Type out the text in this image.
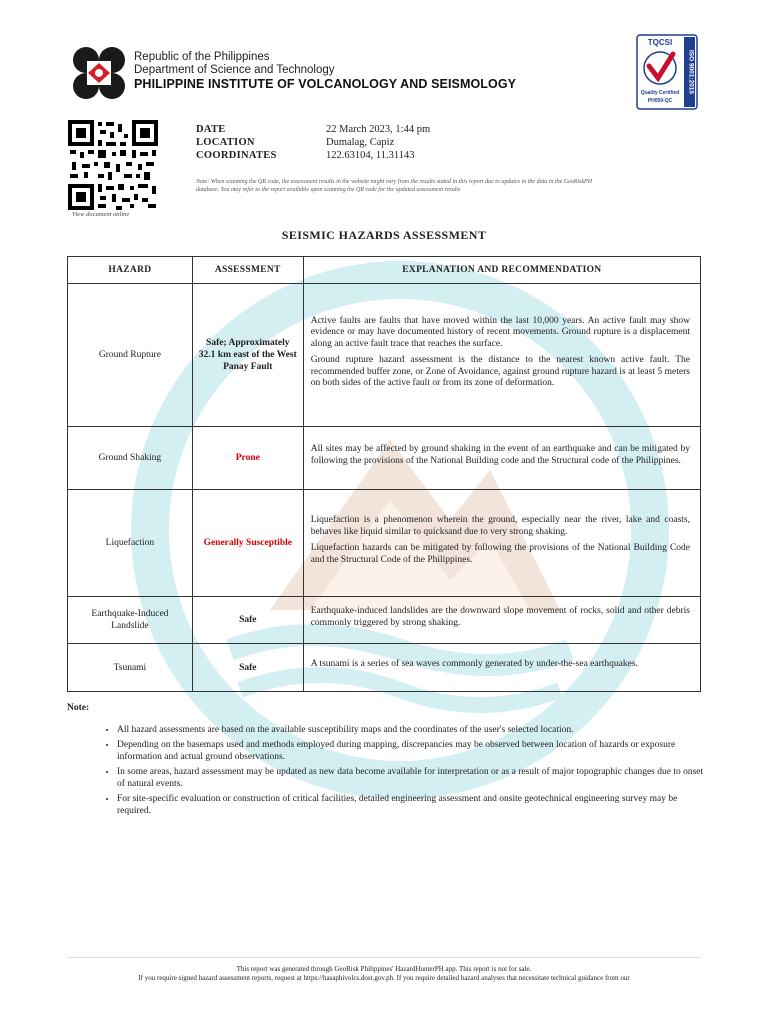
Republic of the Philippines
Department of Science and Technology
PHILIPPINE INSTITUTE OF VOLCANOLOGY AND SEISMOLOGY	ISO 9001:2015
TQCSI
Quality Certified
PH059-QC
View document online
DATE	22 March 2023, 1:44 pm
LOCATION	Dumalag, Capiz
COORDINATES	122.63104, 11.31143
Note: When scanning the QR code, the assessment results in the website might vary from the results stated in this report due to updates in the data in the GeoRiskPH database. You may refer to the report available upon scanning the QR code for the updated assessment results
SEISMIC HAZARDS ASSESSMENT
HAZARD	ASSESSMENT	EXPLANATION AND RECOMMENDATION
Ground Rupture	Safe; Approximately 32.1 km east of the West Panay Fault	Active faults are faults that have moved within the last 10,000 years. An active fault may show evidence or may have documented history of recent movements. Ground rupture is a displacement along an active fault trace that reaches the surface.

Ground rupture hazard assessment is the distance to the nearest known active fault. The recommended buffer zone, or Zone of Avoidance, against ground rupture hazard is at least 5 meters on both sides of the active fault or from its zone of deformation.

Ground Shaking	Prone	All sites may be affected by ground shaking in the event of an earthquake and can be mitigated by following the provisions of the National Building code and the Structural code of the Philippines.

Liquefaction	Generally Susceptible	Liquefaction is a phenomenon wherein the ground, especially near the river, lake and coasts, behaves like liquid similar to quicksand due to very strong shaking.

Liquefaction hazards can be mitigated by following the provisions of the National Building Code and the Structural Code of the Philippines.

Earthquake-Induced Landslide	Safe	Earthquake-induced landslides are the downward slope movement of rocks, solid and other debris commonly triggered by strong shaking.

Tsunami	Safe	A tsunami is a series of sea waves commonly generated by under-the-sea earthquakes.

Note:
• All hazard assessments are based on the available susceptibility maps and the coordinates of the user's selected location.
• Depending on the basemaps used and methods employed during mapping, discrepancies may be observed between location of hazards or exposure information and actual ground observations.
• In some areas, hazard assessment may be updated as new data become available for interpretation or as a result of major topographic changes due to onset of natural events.
• For site-specific evaluation or construction of critical facilities, detailed engineering assessment and onsite geotechnical engineering survey may be required.
This report was generated through GeoRisk Philippines' HazardHunterPH app. This report is not for sale.
If you require signed hazard assessment reports, request at https://hasaphivolcs.dost.gov.ph. If you require detailed hazard analyses that necessitate technical guidance from our
